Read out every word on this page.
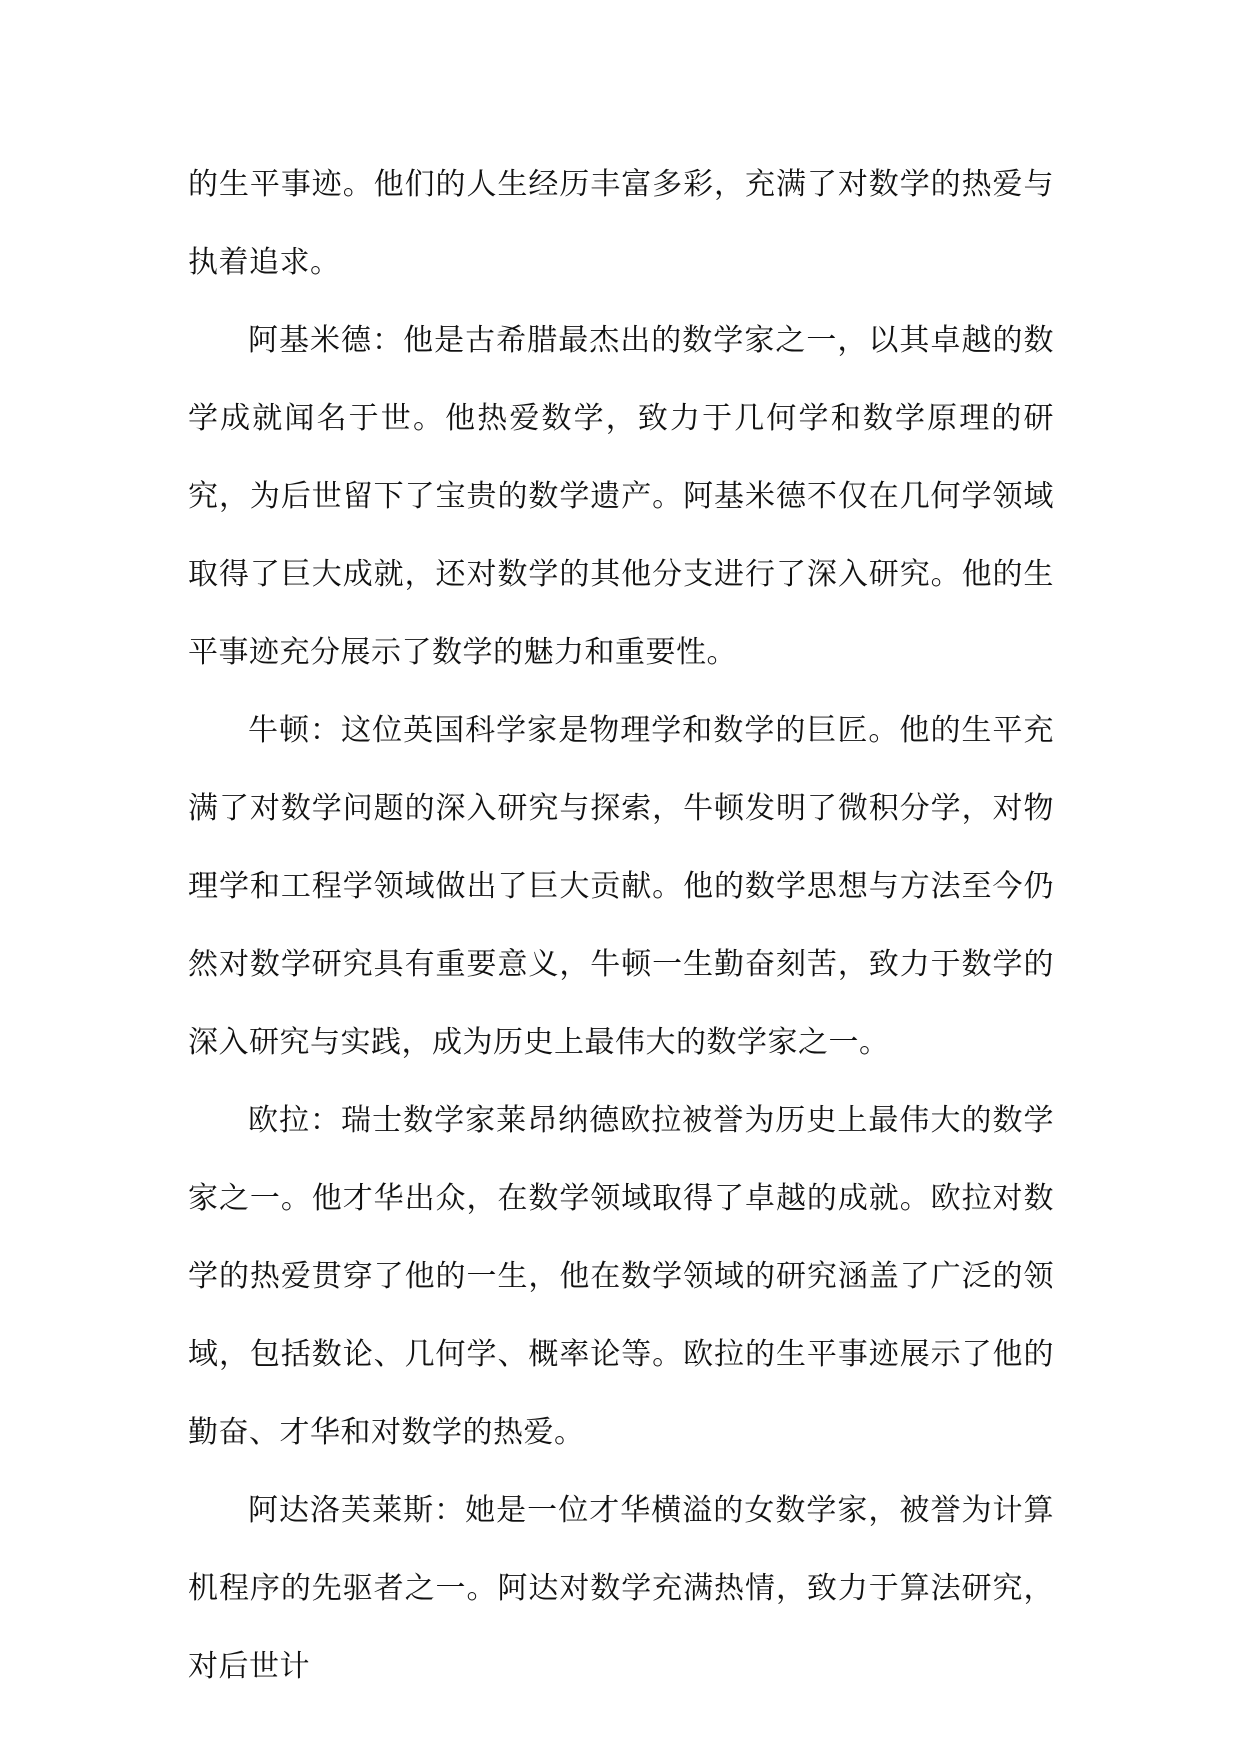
的生平事迹。他们的人生经历丰富多彩，充满了对数学的热爱与执着追求。

阿基米德：他是古希腊最杰出的数学家之一，以其卓越的数学成就闻名于世。他热爱数学，致力于几何学和数学原理的研究，为后世留下了宝贵的数学遗产。阿基米德不仅在几何学领域取得了巨大成就，还对数学的其他分支进行了深入研究。他的生平事迹充分展示了数学的魅力和重要性。

牛顿：这位英国科学家是物理学和数学的巨匠。他的生平充满了对数学问题的深入研究与探索，牛顿发明了微积分学，对物理学和工程学领域做出了巨大贡献。他的数学思想与方法至今仍然对数学研究具有重要意义，牛顿一生勤奋刻苦，致力于数学的深入研究与实践，成为历史上最伟大的数学家之一。

欧拉：瑞士数学家莱昂纳德欧拉被誉为历史上最伟大的数学家之一。他才华出众，在数学领域取得了卓越的成就。欧拉对数学的热爱贯穿了他的一生，他在数学领域的研究涵盖了广泛的领域，包括数论、几何学、概率论等。欧拉的生平事迹展示了他的勤奋、才华和对数学的热爱。

阿达洛芙莱斯：她是一位才华横溢的女数学家，被誉为计算机程序的先驱者之一。阿达对数学充满热情，致力于算法研究，对后世计
